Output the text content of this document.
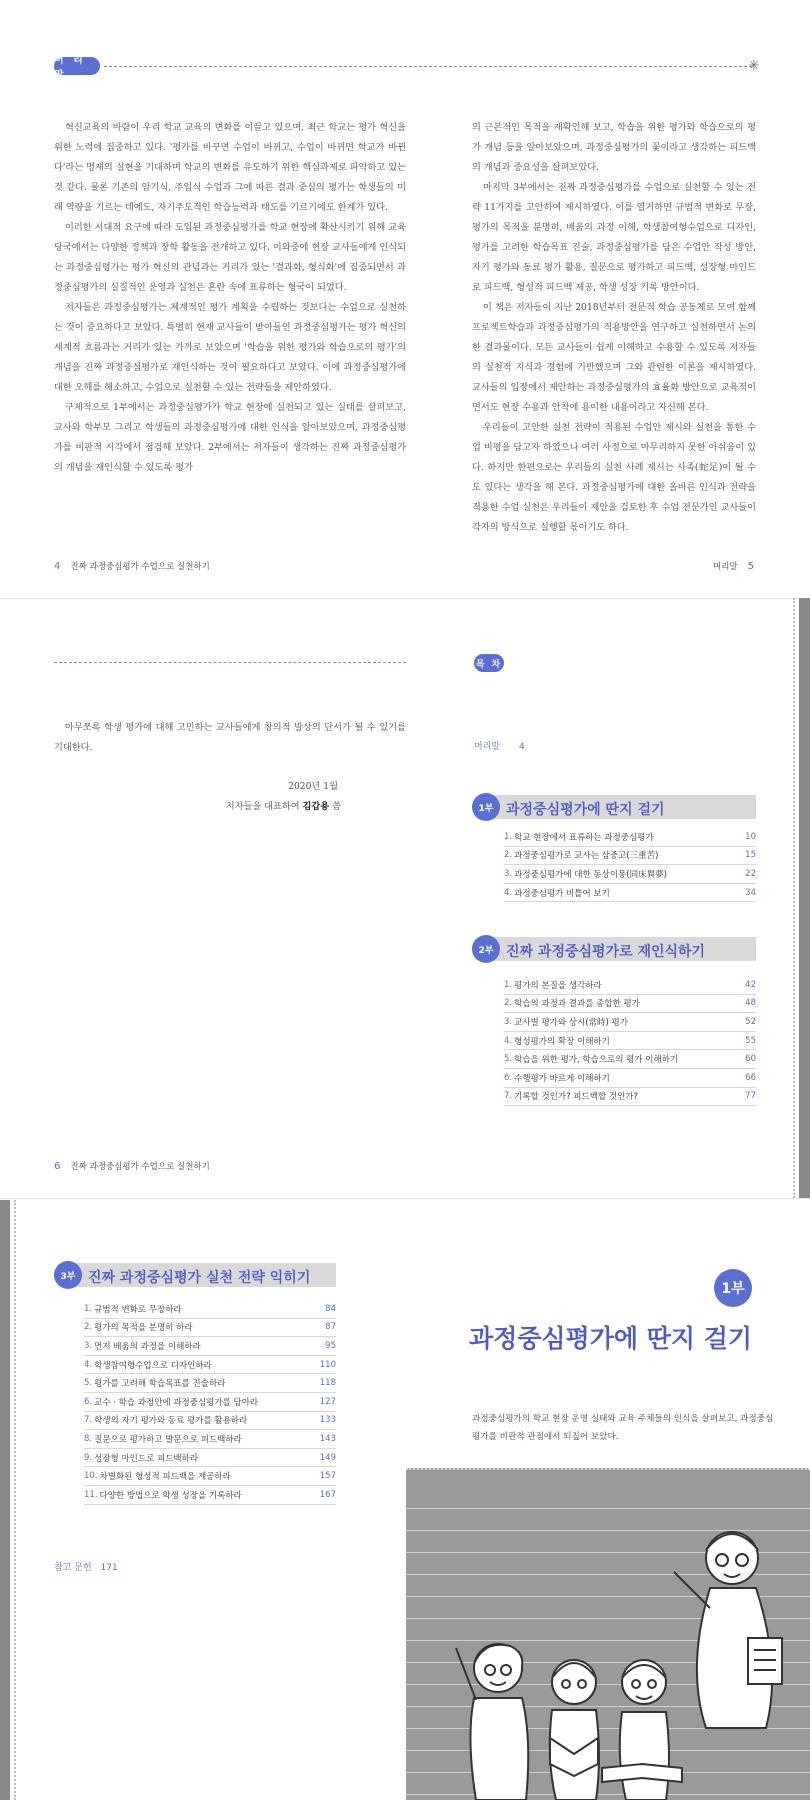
머 리 말
✳

혁신교육의 바람이 우리 학교 교육의 변화를 이끌고 있으며, 최근 학교는 평가 혁신을 위한 노력에 집중하고 있다. '평가를 바꾸면 수업이 바뀌고, 수업이 바뀌면 학교가 바뀐다'라는 명제의 실현을 기대하며 학교의 변화를 유도하기 위한 핵심과제로 파악하고 있는 것 같다. 물론 기존의 암기식, 주입식 수업과 그에 따른 결과 중심의 평가는 학생들의 미래 역량을 기르는 데에도, 자기주도적인 학습능력과 태도를 기르기에도 한계가 있다.

이러한 시대적 요구에 따라 도입된 과정중심평가를 학교 현장에 확산시키기 위해 교육 당국에서는 다양한 정책과 장학 활동을 전개하고 있다. 이와중에 현장 교사들에게 인식되는 과정중심평가는 평가 혁신의 관념과는 거리가 있는 '결과화, 형식화'에 집중되면서 과정중심평가의 실질적인 운영과 실천은 혼란 속에 표류하는 형국이 되었다.

저자들은 과정중심평가는 체계적인 평가 계획을 수립하는 것보다는 수업으로 실천하는 것이 중요하다고 보았다. 특별히 현재 교사들이 받아들인 과정중심평가는 평가 혁신의 세계적 흐름과는 거리가 있는 가까로 보았으며 '학습을 위한 평가와 학습으로의 평가'의 개념을 진짜 과정중심평가로 재인식하는 것이 필요하다고 보았다. 이에 과정중심평가에 대한 오해를 해소하고, 수업으로 실천할 수 있는 전략들을 제안하였다.

구체적으로 1부에서는 과정중심평가가 학교 현장에 실천되고 있는 실태를 살펴보고, 교사와 학부모 그리고 학생들의 과정중심평가에 대한 인식을 알아보았으며, 과정중심평가를 비판적 시각에서 점검해 보았다. 2부에서는 저자들이 생각하는 진짜 과정중심평가의 개념을 재인식할 수 있도록 평가

의 근본적인 목적을 재확인해 보고, 학습을 위한 평가와 학습으로의 평가 개념 등을 알아보았으며, 과정중심평가의 꽃이라고 생각하는 피드백의 개념과 중요성을 살펴보았다.

마지막 3부에서는 진짜 과정중심평가를 수업으로 실천할 수 있는 전략 11가지를 고안하여 제시하였다. 이를 열거하면 규범적 변화로 무장, 평가의 목적을 분명히, 배움의 과정 이해, 학생참여형수업으로 디자인, 평가를 고려한 학습목표 진술, 과정중심평가를 담은 수업안 작성 방안, 자기 평가와 동료 평가 활용, 질문으로 평가하고 피드백, 성장형 마인드로 피드백, 형성적 피드백 제공, 학생 성장 기록 방안이다.

이 책은 저자들이 지난 2018년부터 전문적 학습 공동체로 모여 함께 프로젝트학습과 과정중심평가의 적용방안을 연구하고 실천하면서 논의한 결과물이다. 모든 교사들이 쉽게 이해하고 수용할 수 있도록 저자들의 실천적 지식과 경험에 기반했으며 그와 관련한 이론을 제시하였다. 교사들의 입장에서 제안하는 과정중심평가의 효율화 방안으로 교육적이면서도 현장 수용과 안착에 용이한 내용이라고 자신해 본다.

우리들이 고안한 실천 전략이 적용된 수업안 제시와 실천을 통한 수업 비평을 담고자 하였으나 여러 사정으로 마무리하지 못한 아쉬움이 있다. 하지만 한편으로는 우리들의 실천 사례 제시는 사족(蛇足)이 될 수도 있다는 생각을 해 본다. 과정중심평가에 대한 올바른 인식과 전략을 적용한 수업 실천은 우리들이 제안을 검토한 후 수업 전문가인 교사들이 각자의 방식으로 실행할 몫이기도 하다.

4 진짜 과정중심평가 수업으로 실천하기	머리말 5

아무쪼록 학생 평가에 대해 고민하는 교사들에게 창의적 발상의 단서가 될 수 있기를 기대한다.

2020년 1월
저자들을 대표하여 김갑용 씀
6 진짜 과정중심평가 수업으로 실천하기
목 차
머리말 4
1부 과정중심평가에 딴지 걸기
1. 학교 현장에서 표류하는 과정중심평가	10
2. 과정중심평가로 교사는 삼중고(三重苦)	15
3. 과정중심평가에 대한 동상이몽(同床異夢)	22
4. 과정중심평가 비틀어 보기	34
2부 진짜 과정중심평가로 재인식하기
1. 평가의 본질을 생각하라	42
2. 학습의 과정과 결과를 종합한 평가	48
3. 교사별 평가와 상시(常時) 평가	52
4. 형성평가의 확장 이해하기	55
5. 학습을 위한 평가, 학습으로의 평가 이해하기	60
6. 수행평가 바르게 이해하기	66
7. 기록할 것인가? 피드백할 것인가?	77
3부 진짜 과정중심평가 실천 전략 익히기
1. 규범적 변화로 무장하라	84
2. 평가의 목적을 분명히 하라	87
3. 먼저 배움의 과정을 이해하라	95
4. 학생참여형수업으로 디자인하라	110
5. 평가를 고려해 학습목표를 진술하라	118
6. 교수 · 학습 과정안에 과정중심평가를 담아라	127
7. 학생의 자기 평가와 동료 평가를 활용하라	133
8. 질문으로 평가하고 발문으로 피드백하라	143
9. 성장형 마인드로 피드백하라	149
10. 차별화된 형성적 피드백을 제공하라	157
11. 다양한 방법으로 학생 성장을 기록하라	167
참고 문헌 171
1부
과정중심평가에 딴지 걸기
과정중심평가의 학교 현장 운영 실태와 교육 주체들의 인식을 살펴보고, 과정중심
평가를 비판적 관점에서 되짚어 보았다.
